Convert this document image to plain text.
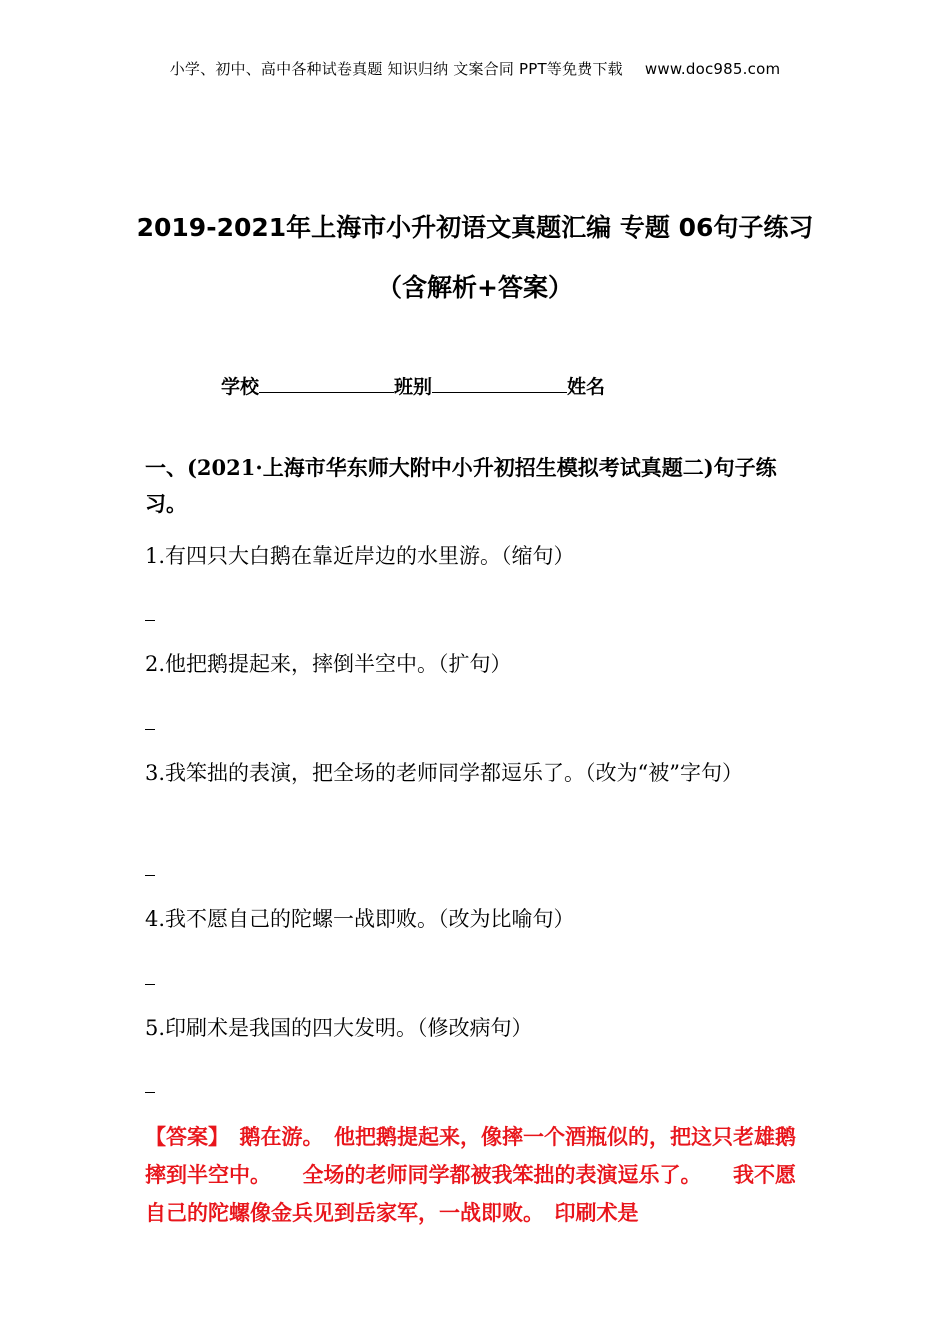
小学、初中、高中各种试卷真题 知识归纳 文案合同 PPT等免费下载 www.doc985.com
2019-2021年上海市小升初语文真题汇编 专题 06句子练习
（含解析+答案）
学校	班别	姓名
一、(2021·上海市华东师大附中小升初招生模拟考试真题二)句子练习。
1.有四只大白鹅在靠近岸边的水里游。（缩句）
2.他把鹅提起来，摔倒半空中。（扩句）
3.我笨拙的表演，把全场的老师同学都逗乐了。（改为“被”字句）
4.我不愿自己的陀螺一战即败。（改为比喻句）
5.印刷术是我国的四大发明。（修改病句）
【答案】　鹅在游。　他把鹅提起来，像摔一个酒瓶似的，把这只老雄鹅摔到半空中。　　全场的老师同学都被我笨拙的表演逗乐了。　　我不愿自己的陀螺像金兵见到岳家军，一战即败。　印刷术是
